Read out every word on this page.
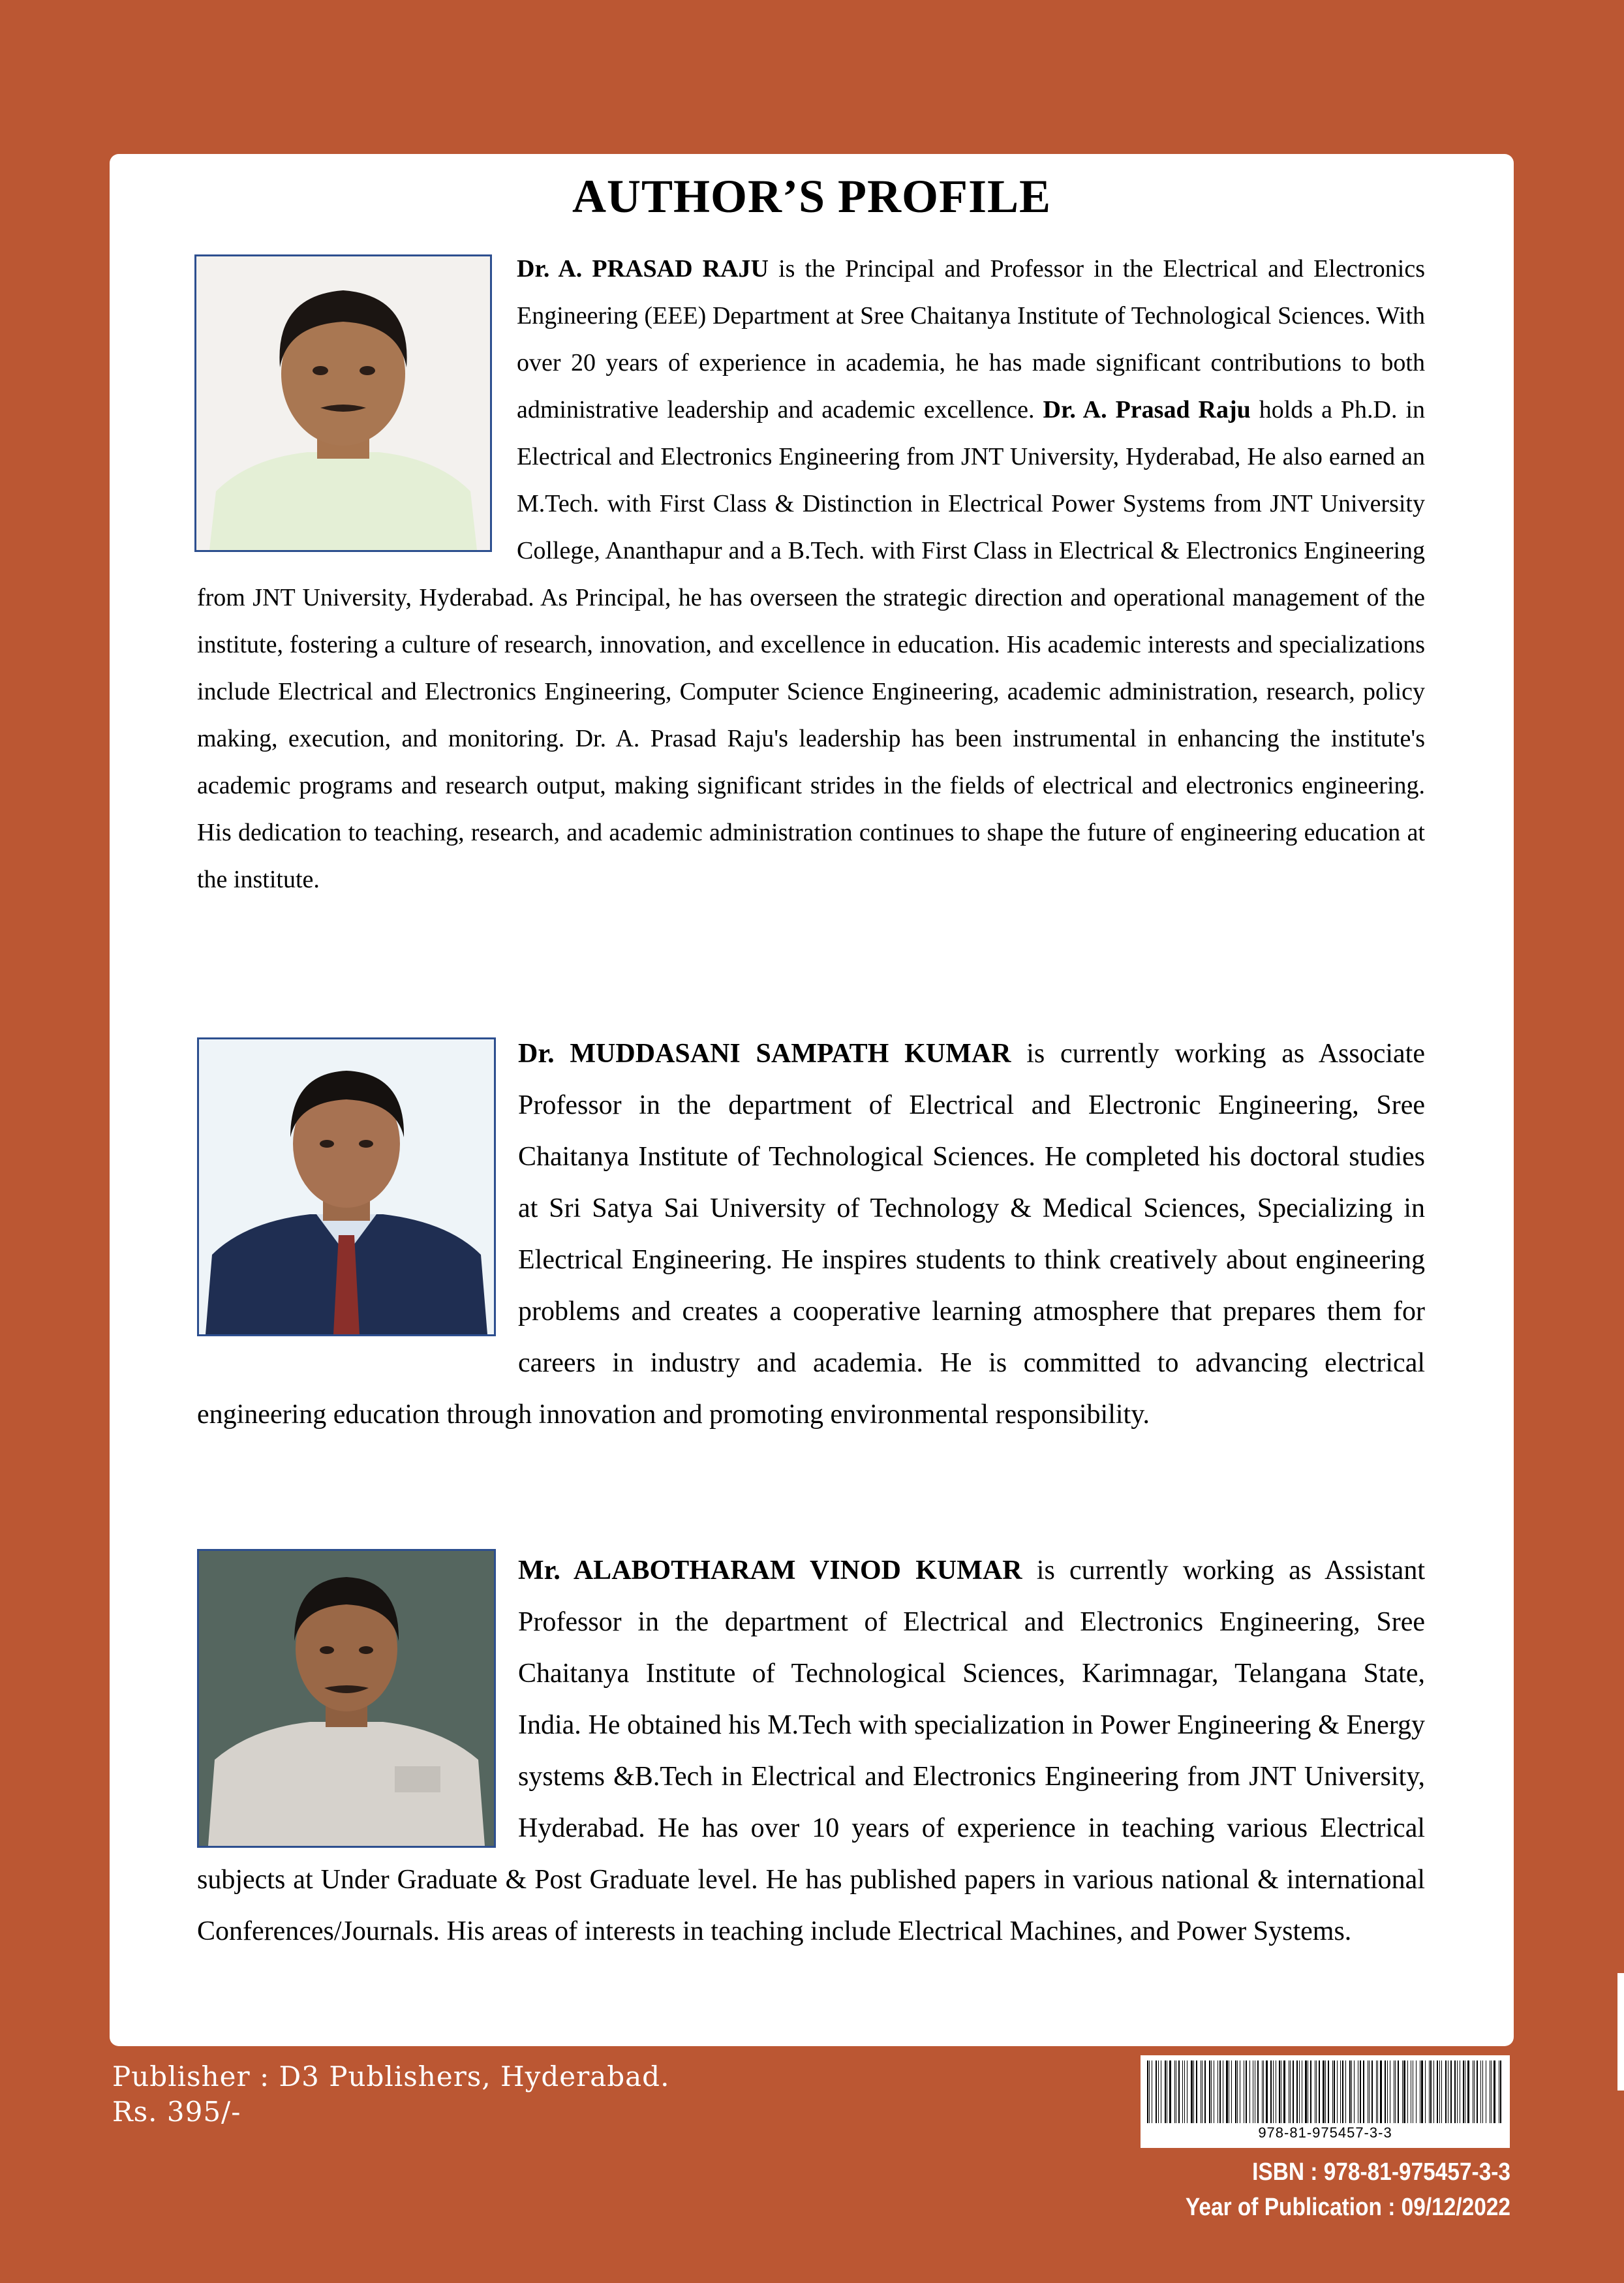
AUTHOR’S PROFILE

Dr. A. PRASAD RAJU is the Principal and Professor in the Electrical and Electronics Engineering (EEE) Department at Sree Chaitanya Institute of Technological Sciences. With over 20 years of experience in academia, he has made significant contributions to both administrative leadership and academic excellence. Dr. A. Prasad Raju holds a Ph.D. in Electrical and Electronics Engineering from JNT University, Hyderabad, He also earned an M.Tech. with First Class & Distinction in Electrical Power Systems from JNT University College, Ananthapur and a B.Tech. with First Class in Electrical & Electronics Engineering from JNT University, Hyderabad. As Principal, he has overseen the strategic direction and operational management of the institute, fostering a culture of research, innovation, and excellence in education. His academic interests and specializations include Electrical and Electronics Engineering, Computer Science Engineering, academic administration, research, policy making, execution, and monitoring. Dr. A. Prasad Raju's leadership has been instrumental in enhancing the institute's academic programs and research output, making significant strides in the fields of electrical and electronics engineering. His dedication to teaching, research, and academic administration continues to shape the future of engineering education at the institute.

Dr. MUDDASANI SAMPATH KUMAR is currently working as Associate Professor in the department of Electrical and Electronic Engineering, Sree Chaitanya Institute of Technological Sciences. He completed his doctoral studies at Sri Satya Sai University of Technology & Medical Sciences, Specializing in Electrical Engineering. He inspires students to think creatively about engineering problems and creates a cooperative learning atmosphere that prepares them for careers in industry and academia. He is committed to advancing electrical engineering education through innovation and promoting environmental responsibility.

Mr. ALABOTHARAM VINOD KUMAR is currently working as Assistant Professor in the department of Electrical and Electronics Engineering, Sree Chaitanya Institute of Technological Sciences, Karimnagar, Telangana State, India. He obtained his M.Tech with specialization in Power Engineering & Energy systems &B.Tech in Electrical and Electronics Engineering from JNT University, Hyderabad. He has over 10 years of experience in teaching various Electrical subjects at Under Graduate & Post Graduate level. He has published papers in various national & international Conferences/Journals. His areas of interests in teaching include Electrical Machines, and Power Systems.

Publisher : D3 Publishers, Hyderabad.
Rs. 395/-
978-81-975457-3-3
ISBN : 978-81-975457-3-3
Year of Publication : 09/12/2022
